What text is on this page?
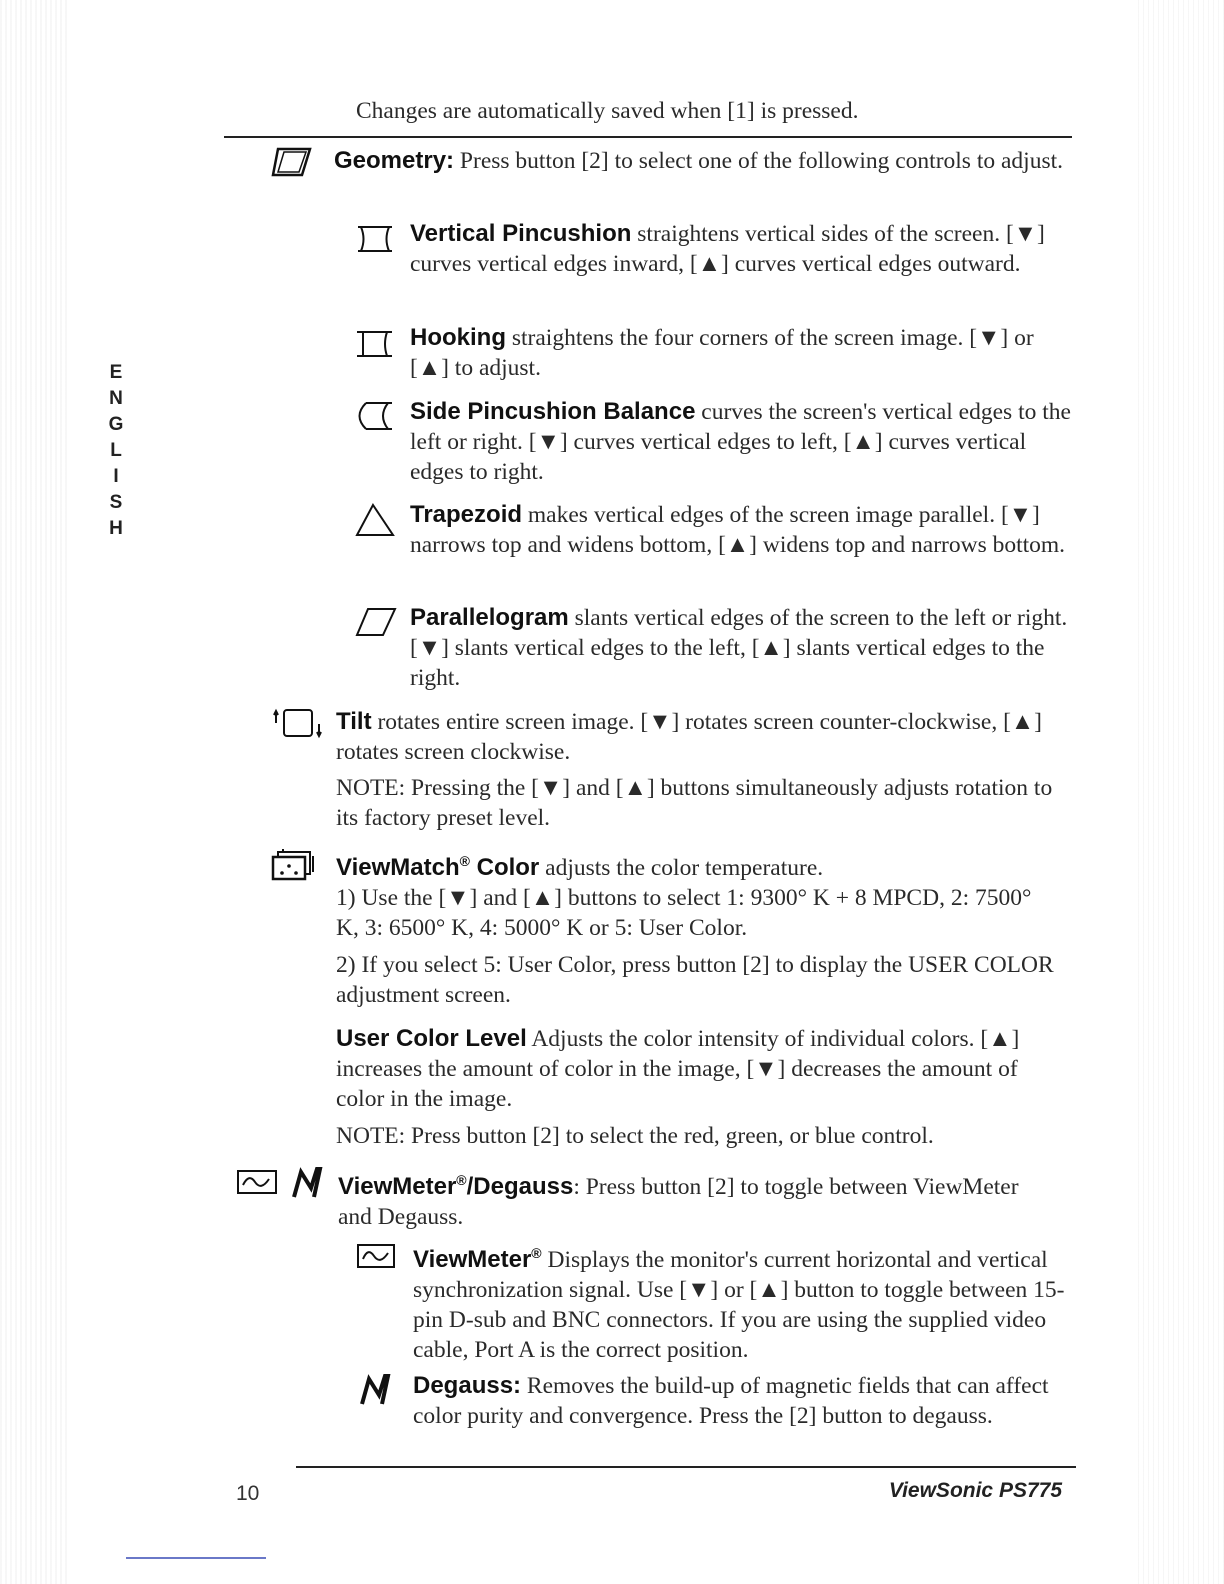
Changes are automatically saved when [1] is pressed.

E
N
G
L
I
S
H

Geometry: Press button [2] to select one of the following controls to adjust.

Vertical Pincushion straightens vertical sides of the screen. [▼] curves vertical edges inward, [▲] curves vertical edges outward.

Hooking straightens the four corners of the screen image. [▼] or [▲] to adjust.

Side Pincushion Balance curves the screen's vertical edges to the left or right. [▼] curves vertical edges to left, [▲] curves vertical edges to right.

Trapezoid makes vertical edges of the screen image parallel. [▼] narrows top and widens bottom, [▲] widens top and narrows bottom.

Parallelogram slants vertical edges of the screen to the left or right. [▼] slants vertical edges to the left, [▲] slants vertical edges to the right.

Tilt rotates entire screen image. [▼] rotates screen counter-clockwise, [▲] rotates screen clockwise.

NOTE: Pressing the [▼] and [▲] buttons simultaneously adjusts rotation to its factory preset level.

ViewMatch® Color adjusts the color temperature.

1) Use the [▼] and [▲] buttons to select 1: 9300° K + 8 MPCD, 2: 7500° K, 3: 6500° K, 4: 5000° K or 5: User Color.

2) If you select 5: User Color, press button [2] to display the USER COLOR adjustment screen.

User Color Level Adjusts the color intensity of individual colors. [▲] increases the amount of color in the image, [▼] decreases the amount of color in the image.

NOTE: Press button [2] to select the red, green, or blue control.

ViewMeter®/Degauss: Press button [2] to toggle between ViewMeter and Degauss.

ViewMeter® Displays the monitor's current horizontal and vertical synchronization signal. Use [▼] or [▲] button to toggle between 15-pin D-sub and BNC connectors. If you are using the supplied video cable, Port A is the correct position.

Degauss: Removes the build-up of magnetic fields that can affect color purity and convergence. Press the [2] button to degauss.

10	ViewSonic PS775
